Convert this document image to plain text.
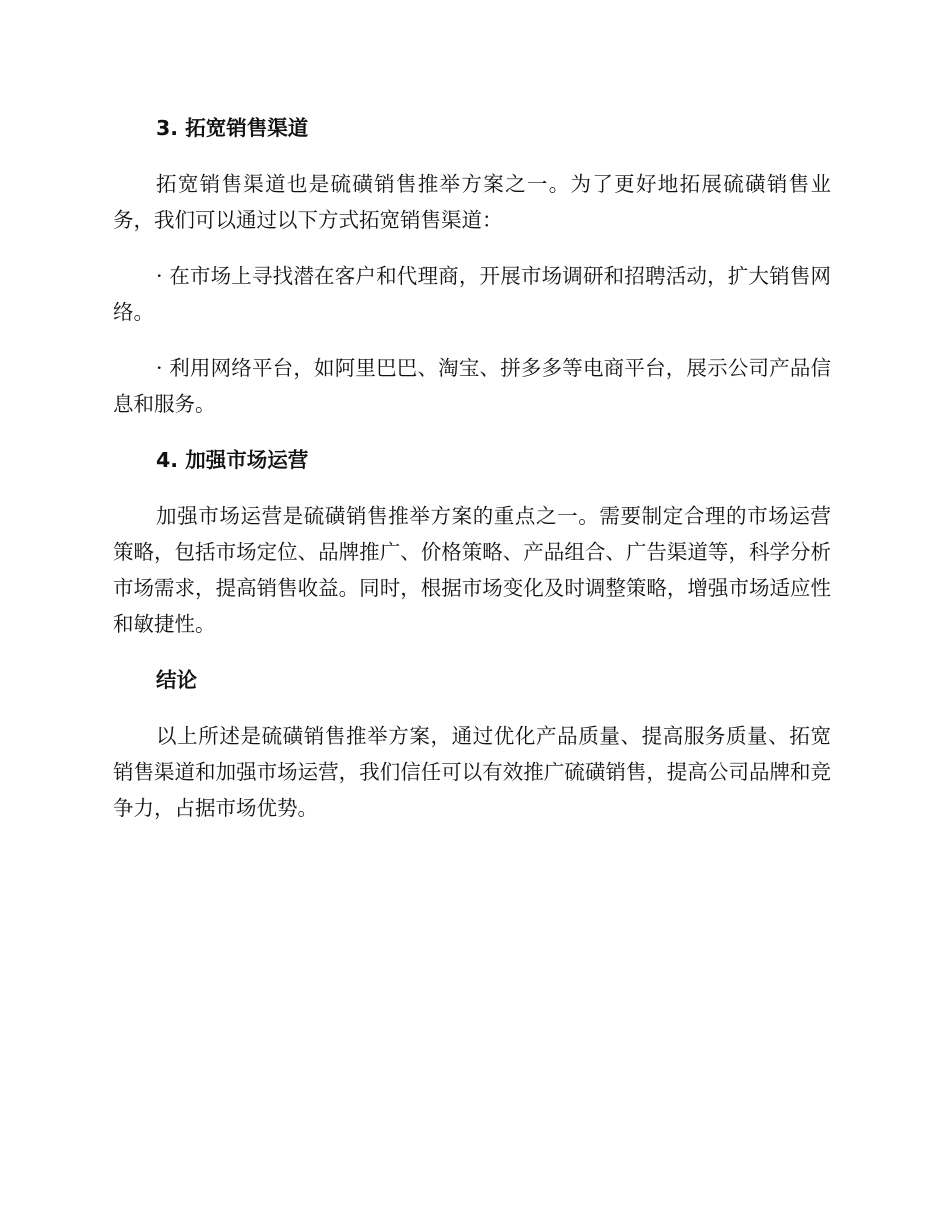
3. 拓宽销售渠道

拓宽销售渠道也是硫磺销售推举方案之一。为了更好地拓展硫磺销售业务，我们可以通过以下方式拓宽销售渠道：

· 在市场上寻找潜在客户和代理商，开展市场调研和招聘活动，扩大销售网络。

· 利用网络平台，如阿里巴巴、淘宝、拼多多等电商平台，展示公司产品信息和服务。

4. 加强市场运营

加强市场运营是硫磺销售推举方案的重点之一。需要制定合理的市场运营策略，包括市场定位、品牌推广、价格策略、产品组合、广告渠道等，科学分析市场需求，提高销售收益。同时，根据市场变化及时调整策略，增强市场适应性和敏捷性。

结论

以上所述是硫磺销售推举方案，通过优化产品质量、提高服务质量、拓宽销售渠道和加强市场运营，我们信任可以有效推广硫磺销售，提高公司品牌和竞争力，占据市场优势。
